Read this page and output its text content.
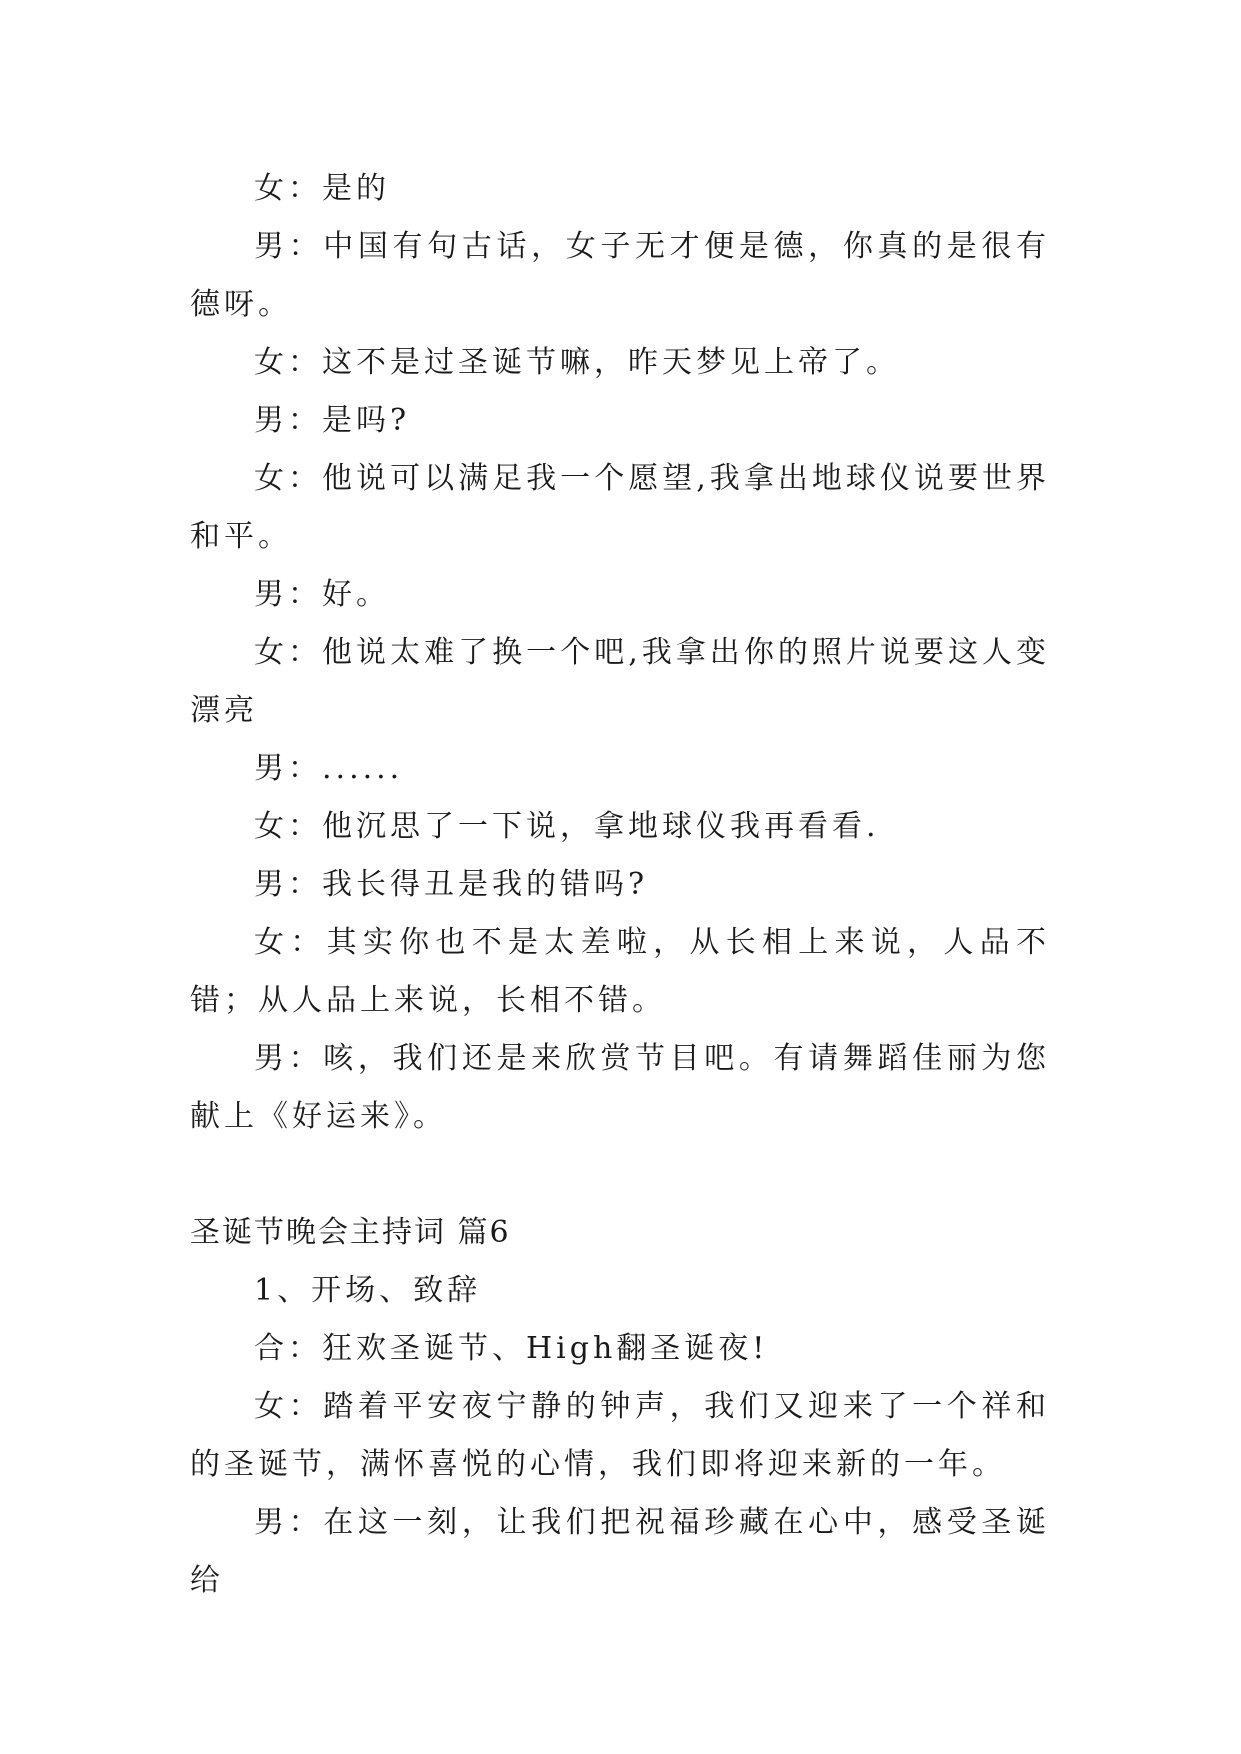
女：是的

男：中国有句古话，女子无才便是德，你真的是很有德呀。

女：这不是过圣诞节嘛，昨天梦见上帝了。

男：是吗?

女：他说可以满足我一个愿望,我拿出地球仪说要世界和平。

男：好。

女：他说太难了换一个吧,我拿出你的照片说要这人变漂亮

男：......

女：他沉思了一下说，拿地球仪我再看看.

男：我长得丑是我的错吗?

女：其实你也不是太差啦，从长相上来说，人品不错；从人品上来说，长相不错。

男：咳，我们还是来欣赏节目吧。有请舞蹈佳丽为您献上《好运来》。

圣诞节晚会主持词 篇6

1、开场、致辞

合：狂欢圣诞节、High翻圣诞夜!

女：踏着平安夜宁静的钟声，我们又迎来了一个祥和的圣诞节，满怀喜悦的心情，我们即将迎来新的一年。

男：在这一刻，让我们把祝福珍藏在心中，感受圣诞给
